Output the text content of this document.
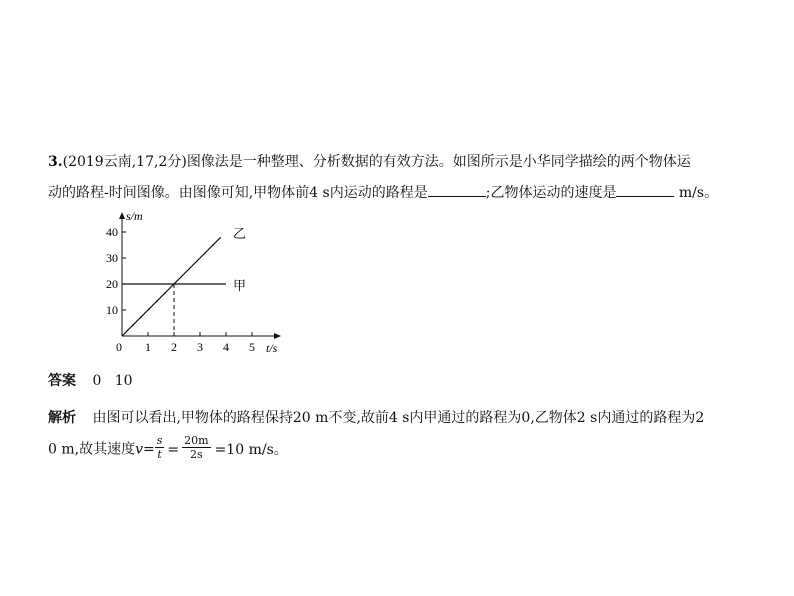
3.(2019云南,17,2分)图像法是一种整理、分析数据的有效方法。如图所示是小华同学描绘的两个物体运
动的路程-时间图像。由图像可知,甲物体前4 s内运动的路程是	;乙物体运动的速度是	m/s。
s/m
t/s
0
10
20
30
40
1 2 3 4 5
甲
乙
答案 0   10
解析 由图可以看出,甲物体的路程保持20 m不变,故前4 s内甲通过的路程为0,乙物体2 s内通过的路程为2
0 m,故其速度$v= \frac{s}{t} = \frac{20m}{2s} =10$ m/s。
